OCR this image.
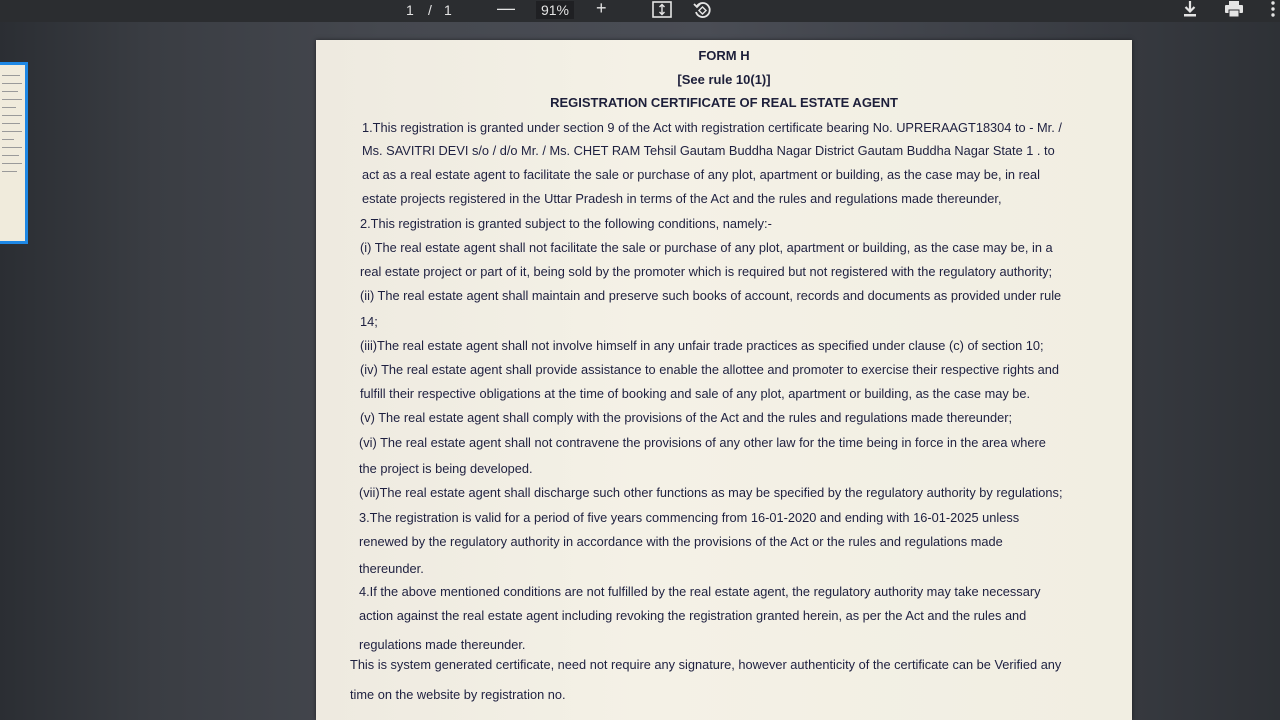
1 / 1	—	91% +
FORM H
[See rule 10(1)]
REGISTRATION CERTIFICATE OF REAL ESTATE AGENT
1.This registration is granted under section 9 of the Act with registration certificate bearing No. UPRERAAGT18304 to - Mr. /
Ms. SAVITRI DEVI s/o / d/o Mr. / Ms. CHET RAM Tehsil Gautam Buddha Nagar District Gautam Buddha Nagar State 1 . to
act as a real estate agent to facilitate the sale or purchase of any plot, apartment or building, as the case may be, in real
estate projects registered in the Uttar Pradesh in terms of the Act and the rules and regulations made thereunder,
2.This registration is granted subject to the following conditions, namely:-
(i) The real estate agent shall not facilitate the sale or purchase of any plot, apartment or building, as the case may be, in a
real estate project or part of it, being sold by the promoter which is required but not registered with the regulatory authority;
(ii) The real estate agent shall maintain and preserve such books of account, records and documents as provided under rule
14;
(iii)The real estate agent shall not involve himself in any unfair trade practices as specified under clause (c) of section 10;
(iv) The real estate agent shall provide assistance to enable the allottee and promoter to exercise their respective rights and
fulfill their respective obligations at the time of booking and sale of any plot, apartment or building, as the case may be.
(v) The real estate agent shall comply with the provisions of the Act and the rules and regulations made thereunder;
(vi) The real estate agent shall not contravene the provisions of any other law for the time being in force in the area where
the project is being developed.
(vii)The real estate agent shall discharge such other functions as may be specified by the regulatory authority by regulations;
3.The registration is valid for a period of five years commencing from 16-01-2020 and ending with 16-01-2025 unless
renewed by the regulatory authority in accordance with the provisions of the Act or the rules and regulations made
thereunder.
4.If the above mentioned conditions are not fulfilled by the real estate agent, the regulatory authority may take necessary
action against the real estate agent including revoking the registration granted herein, as per the Act and the rules and
regulations made thereunder.
This is system generated certificate, need not require any signature, however authenticity of the certificate can be Verified any
time on the website by registration no.
